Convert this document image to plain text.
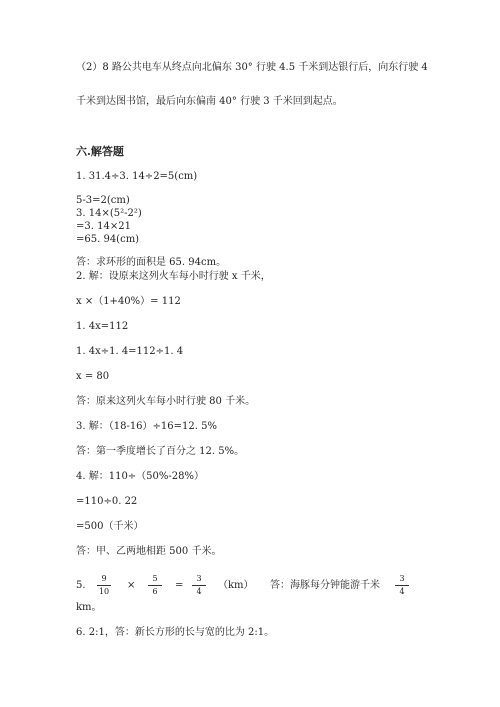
（2）8 路公共电车从终点向北偏东 30° 行驶 4.5 千米到达银行后，向东行驶 4
千米到达图书馆，最后向东偏南 40° 行驶 3 千米回到起点。
六.解答题
1. 31.4÷3. 14÷2=5(cm)
5-3=2(cm)
3. 14×(5²-2²)
=3. 14×21
=65. 94(cm)
答：求环形的面积是 65. 94cm。
2. 解：设原来这列火车每小时行驶 x 千米，
x ×（1+40%）= 112
1. 4x=112
1. 4x÷1. 4=112÷1. 4
x = 80
答：原来这列火车每小时行驶 80 千米。
3. 解：（18-16）÷16=12. 5%
答：第一季度增长了百分之 12. 5%。
4. 解：110÷（50%-28%）
=110÷0. 22
=500（千米）
答：甲、乙两地相距 500 千米。
5.
9
10
×
5
6
=
3
4
（km） 答：海豚每分钟能游千米
3
4
km。
6. 2:1，答：新长方形的长与宽的比为 2:1。
